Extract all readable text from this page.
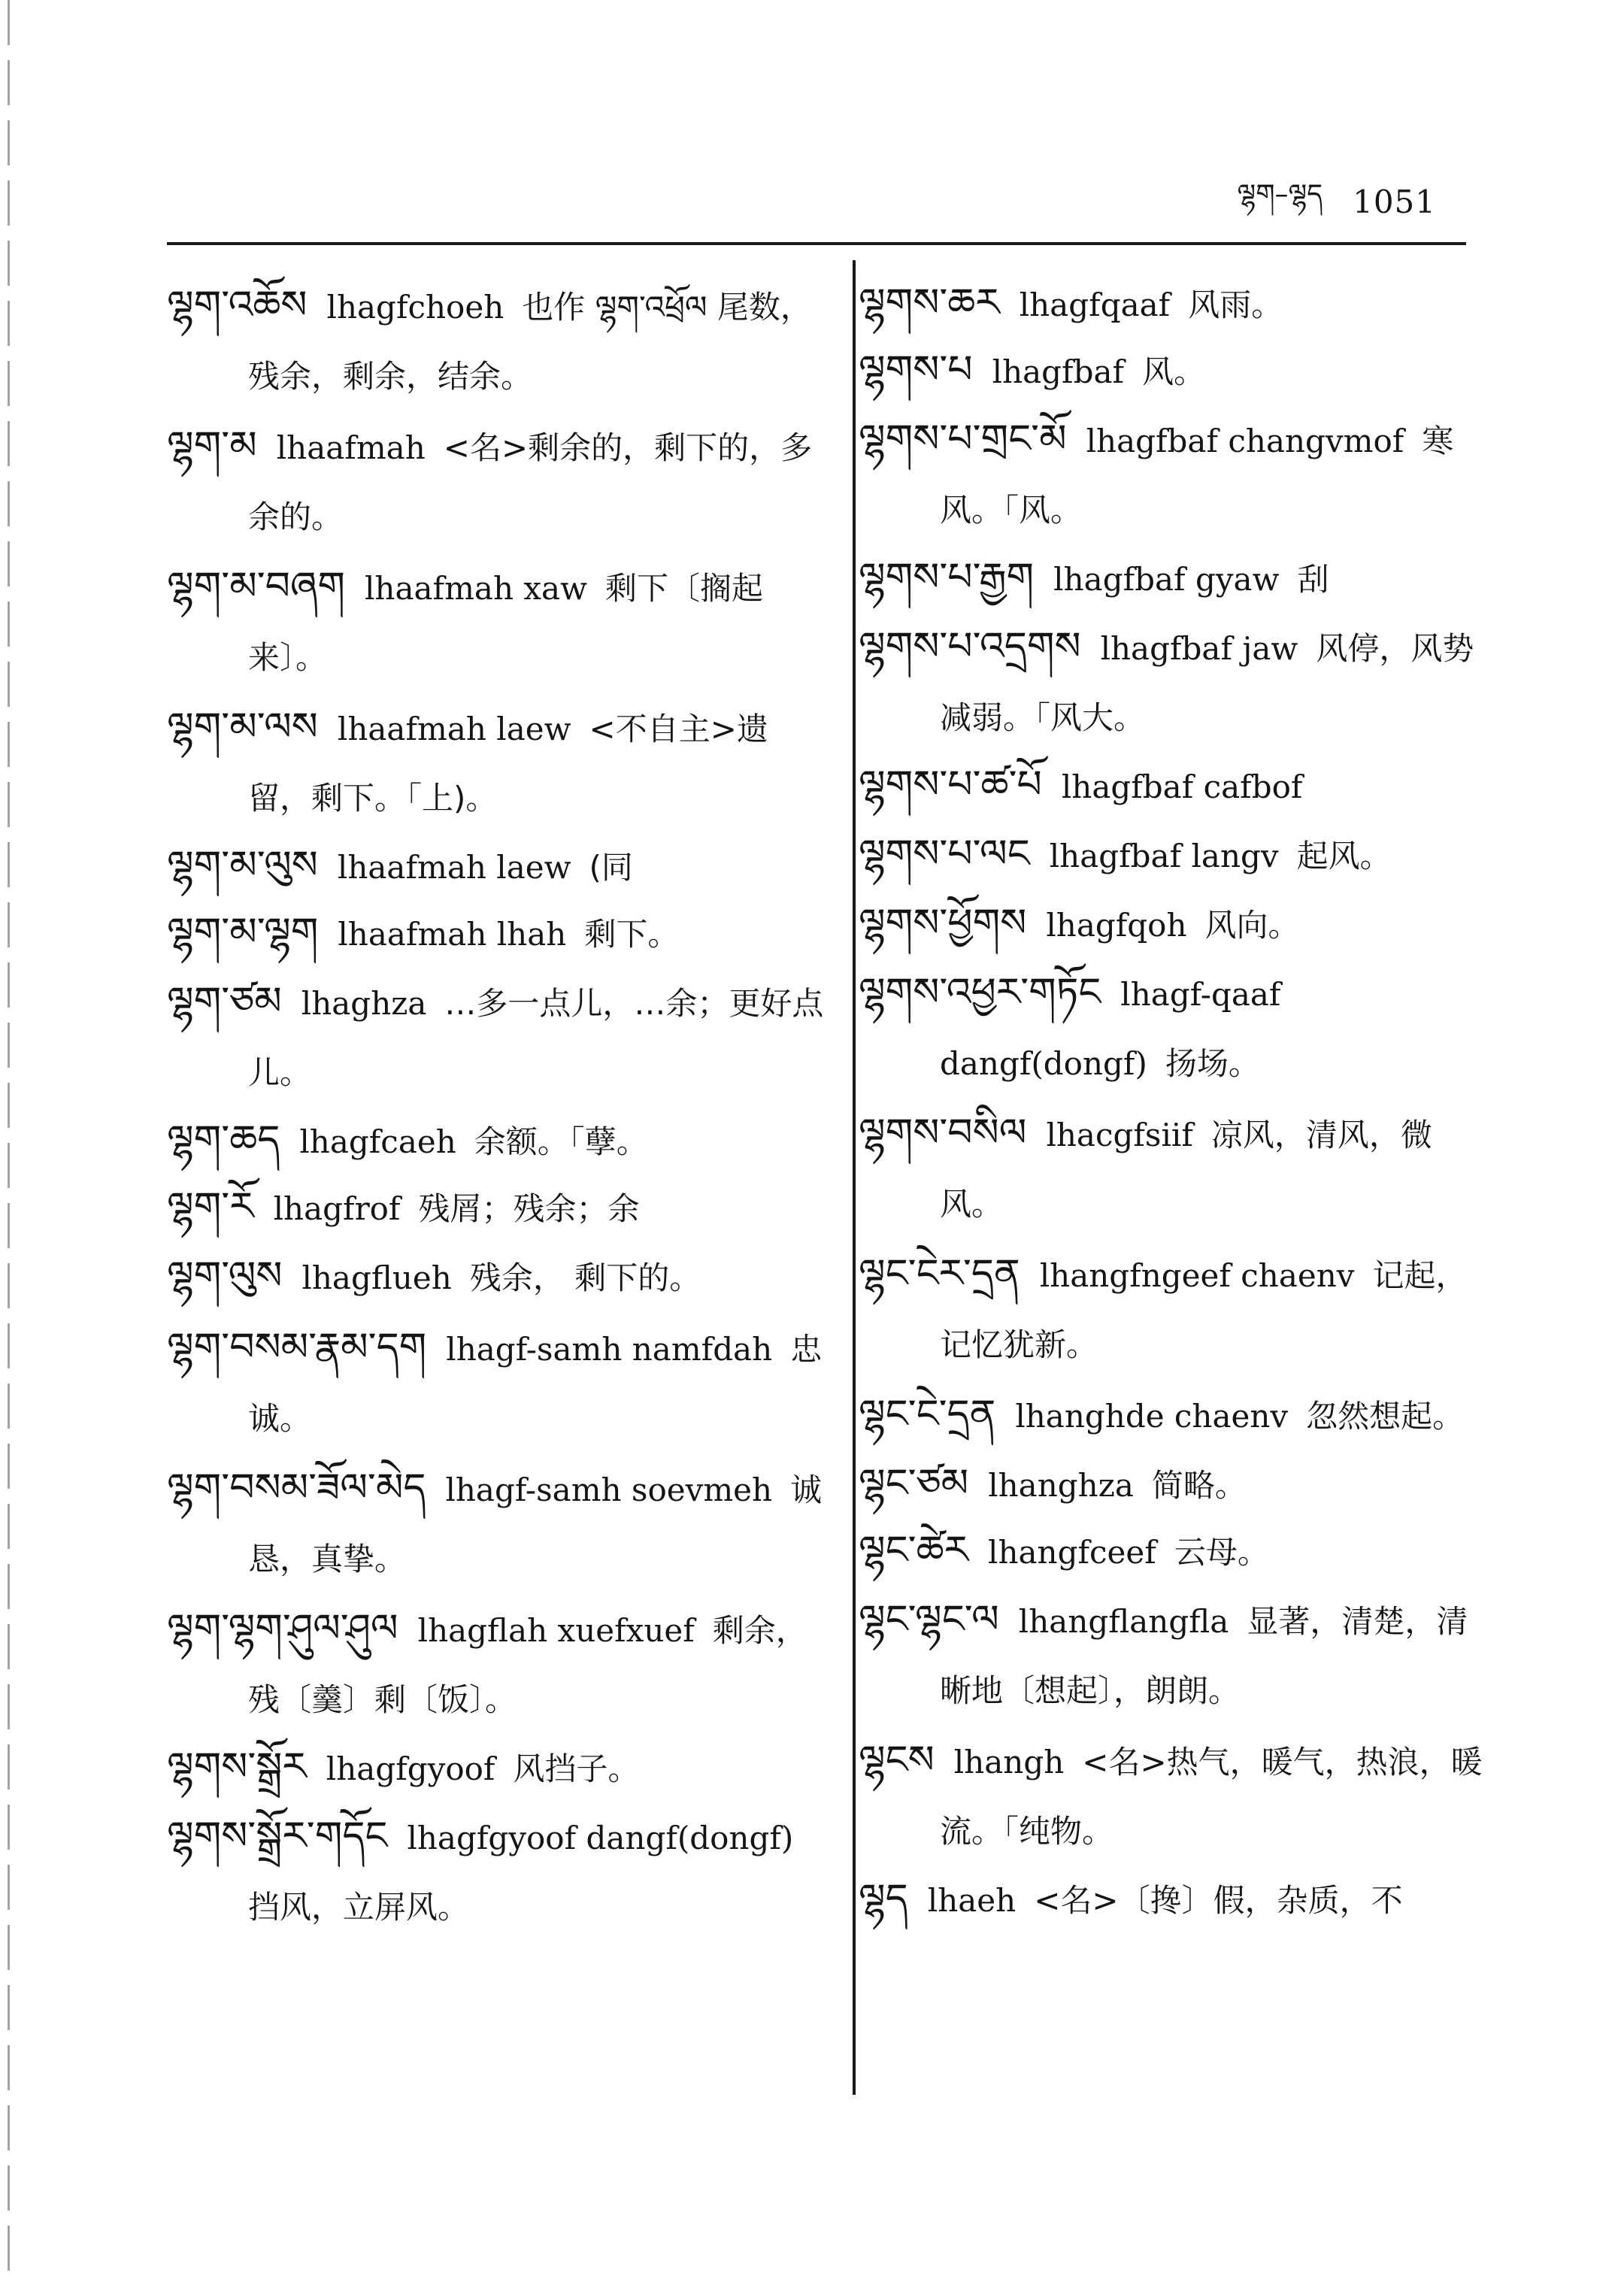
ལྷག–ལྷད 1051
ལྷག་འཆོས lhagfchoeh 也作 ལྷག་འཕྲོལ 尾数，残余，剩余，结余。
ལྷག་མ lhaafmah <名>剩余的，剩下的，多余的。
ལྷག་མ་བཞག lhaafmah xaw 剩下〔搁起来〕。
ལྷག་མ་ལས lhaafmah laew <不自主>遗留，剩下。「上)。
ལྷག་མ་ལུས lhaafmah laew (同
ལྷག་མ་ལྷག lhaafmah lhah 剩下。
ལྷག་ཙམ lhaghza …多一点儿，…余；更好点儿。
ལྷག་ཆད lhagfcaeh 余额。「孽。
ལྷག་རོ lhagfrof 残屑；残余；余
ལྷག་ལུས lhagflueh 残余， 剩下的。
ལྷག་བསམ་རྣམ་དག lhagf-samh namfdah 忠诚。
ལྷག་བསམ་ཟོལ་མེད lhagf-samh soevmeh 诚恳，真挚。
ལྷག་ལྷག་ཤུལ་ཤུལ lhagflah xuefxuef 剩余，残〔羹〕剩〔饭〕。
ལྷགས་སྒྲོར lhagfgyoof 风挡子。
ལྷགས་སྒྲོར་གདོང lhagfgyoof dangf(dongf)挡风，立屏风。
ལྷགས་ཆར lhagfqaaf 风雨。
ལྷགས་པ lhagfbaf 风。
ལྷགས་པ་གྲང་མོ lhagfbaf changvmof 寒风。「风。
ལྷགས་པ་རྒྱག lhagfbaf gyaw 刮
ལྷགས་པ་འདྲགས lhagfbaf jaw 风停，风势减弱。「风大。
ལྷགས་པ་ཚ་པོ lhagfbaf cafbof
ལྷགས་པ་ལང lhagfbaf langv 起风。
ལྷགས་ཕྱོགས lhagfqoh 风向。
ལྷགས་འཕྱར་གཏོང lhagf-qaaf dangf(dongf) 扬场。
ལྷགས་བསིལ lhacgfsiif 凉风，清风，微风。
ལྷང་ངེར་དྲན lhangfngeef chaenv 记起，记忆犹新。
ལྷང་ངེ་དྲན lhanghde chaenv 忽然想起。
ལྷང་ཙམ lhanghza 简略。
ལྷང་ཚེར lhangfceef 云母。
ལྷང་ལྷང་ལ lhangflangfla 显著，清楚，清晰地〔想起〕，朗朗。
ལྷངས lhangh <名>热气，暖气，热浪，暖流。「纯物。
ལྷད lhaeh <名>〔搀〕假，杂质，不
